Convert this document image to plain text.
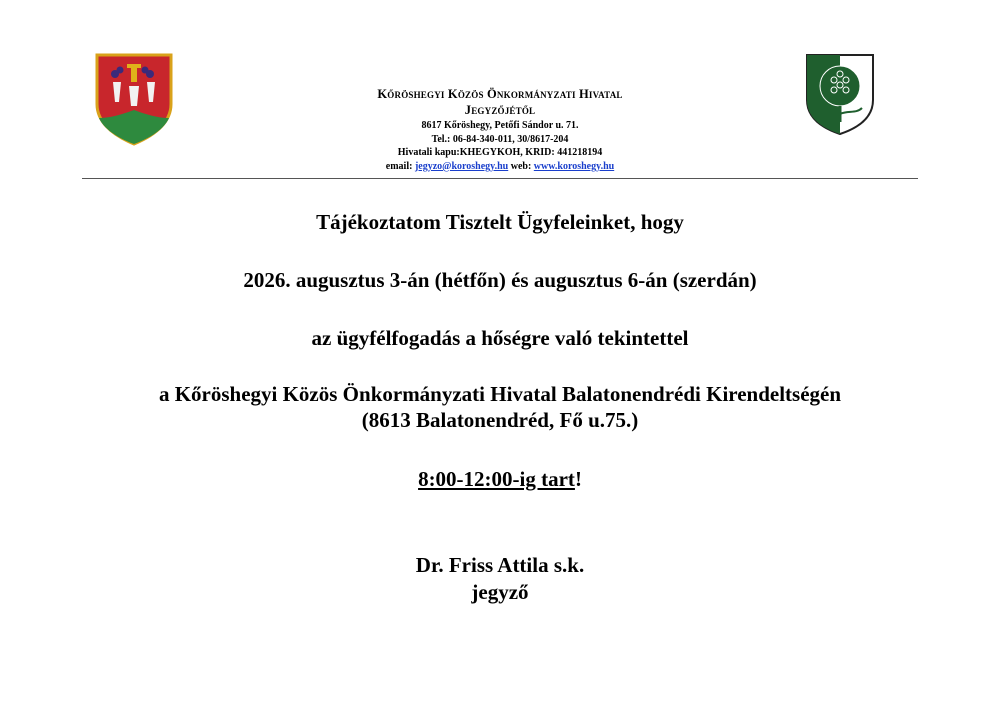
Kőröshegyi Közös Önkormányzati Hivatal
Jegyzőjétől
8617 Kőröshegy, Petőfi Sándor u. 71.
Tel.: 06-84-340-011, 30/8617-204
Hivatali kapu:KHEGYKOH, KRID: 441218194
email: jegyzo@koroshegy.hu web: www.koroshegy.hu
Tájékoztatom Tisztelt Ügyfeleinket, hogy
2026. augusztus 3-án (hétfőn) és augusztus 6-án (szerdán)
az ügyfélfogadás a hőségre való tekintettel
a Kőröshegyi Közös Önkormányzati Hivatal Balatonendrédi Kirendeltségén
(8613 Balatonendréd, Fő u.75.)
8:00-12:00-ig tart!
Dr. Friss Attila s.k.
jegyző
